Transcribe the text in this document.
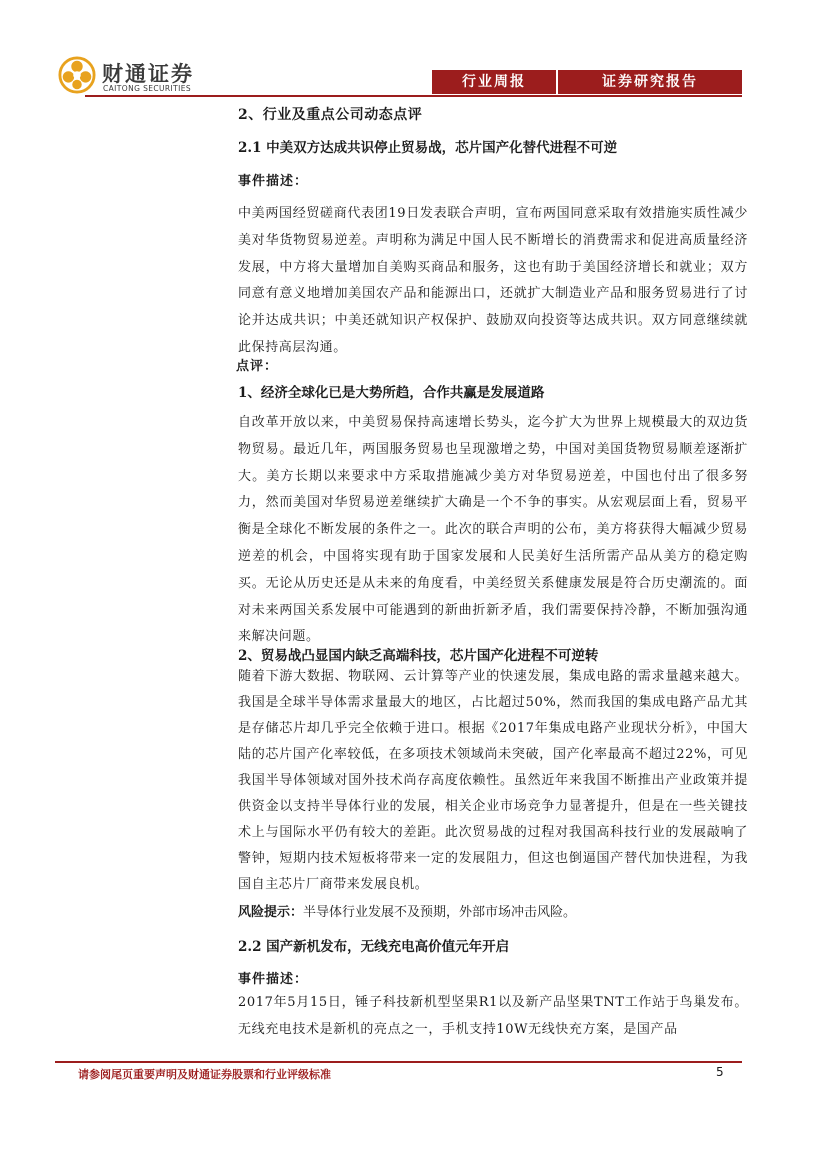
财通证券
CAITONG SECURITIES	行业周报	证券研究报告
2、行业及重点公司动态点评
2.1 中美双方达成共识停止贸易战，芯片国产化替代进程不可逆
事件描述：
中美两国经贸磋商代表团19日发表联合声明，宣布两国同意采取有效措施实质性减少美对华货物贸易逆差。声明称为满足中国人民不断增长的消费需求和促进高质量经济发展，中方将大量增加自美购买商品和服务，这也有助于美国经济增长和就业；双方同意有意义地增加美国农产品和能源出口，还就扩大制造业产品和服务贸易进行了讨论并达成共识；中美还就知识产权保护、鼓励双向投资等达成共识。双方同意继续就此保持高层沟通。
点评：
1、经济全球化已是大势所趋，合作共赢是发展道路
自改革开放以来，中美贸易保持高速增长势头，迄今扩大为世界上规模最大的双边货物贸易。最近几年，两国服务贸易也呈现激增之势，中国对美国货物贸易顺差逐渐扩大。美方长期以来要求中方采取措施减少美方对华贸易逆差，中国也付出了很多努力，然而美国对华贸易逆差继续扩大确是一个不争的事实。从宏观层面上看，贸易平衡是全球化不断发展的条件之一。此次的联合声明的公布，美方将获得大幅减少贸易逆差的机会，中国将实现有助于国家发展和人民美好生活所需产品从美方的稳定购买。无论从历史还是从未来的角度看，中美经贸关系健康发展是符合历史潮流的。面对未来两国关系发展中可能遇到的新曲折新矛盾，我们需要保持冷静，不断加强沟通来解决问题。
2、贸易战凸显国内缺乏高端科技，芯片国产化进程不可逆转
随着下游大数据、物联网、云计算等产业的快速发展，集成电路的需求量越来越大。我国是全球半导体需求量最大的地区，占比超过50%，然而我国的集成电路产品尤其是存储芯片却几乎完全依赖于进口。根据《2017年集成电路产业现状分析》，中国大陆的芯片国产化率较低，在多项技术领域尚未突破，国产化率最高不超过22%，可见我国半导体领域对国外技术尚存高度依赖性。虽然近年来我国不断推出产业政策并提供资金以支持半导体行业的发展，相关企业市场竞争力显著提升，但是在一些关键技术上与国际水平仍有较大的差距。此次贸易战的过程对我国高科技行业的发展敲响了警钟，短期内技术短板将带来一定的发展阻力，但这也倒逼国产替代加快进程，为我国自主芯片厂商带来发展良机。
风险提示：半导体行业发展不及预期，外部市场冲击风险。
2.2 国产新机发布，无线充电高价值元年开启
事件描述：
2017年5月15日，锤子科技新机型坚果R1以及新产品坚果TNT工作站于鸟巢发布。无线充电技术是新机的亮点之一，手机支持10W无线快充方案，是国产品
请参阅尾页重要声明及财通证券股票和行业评级标准	5
